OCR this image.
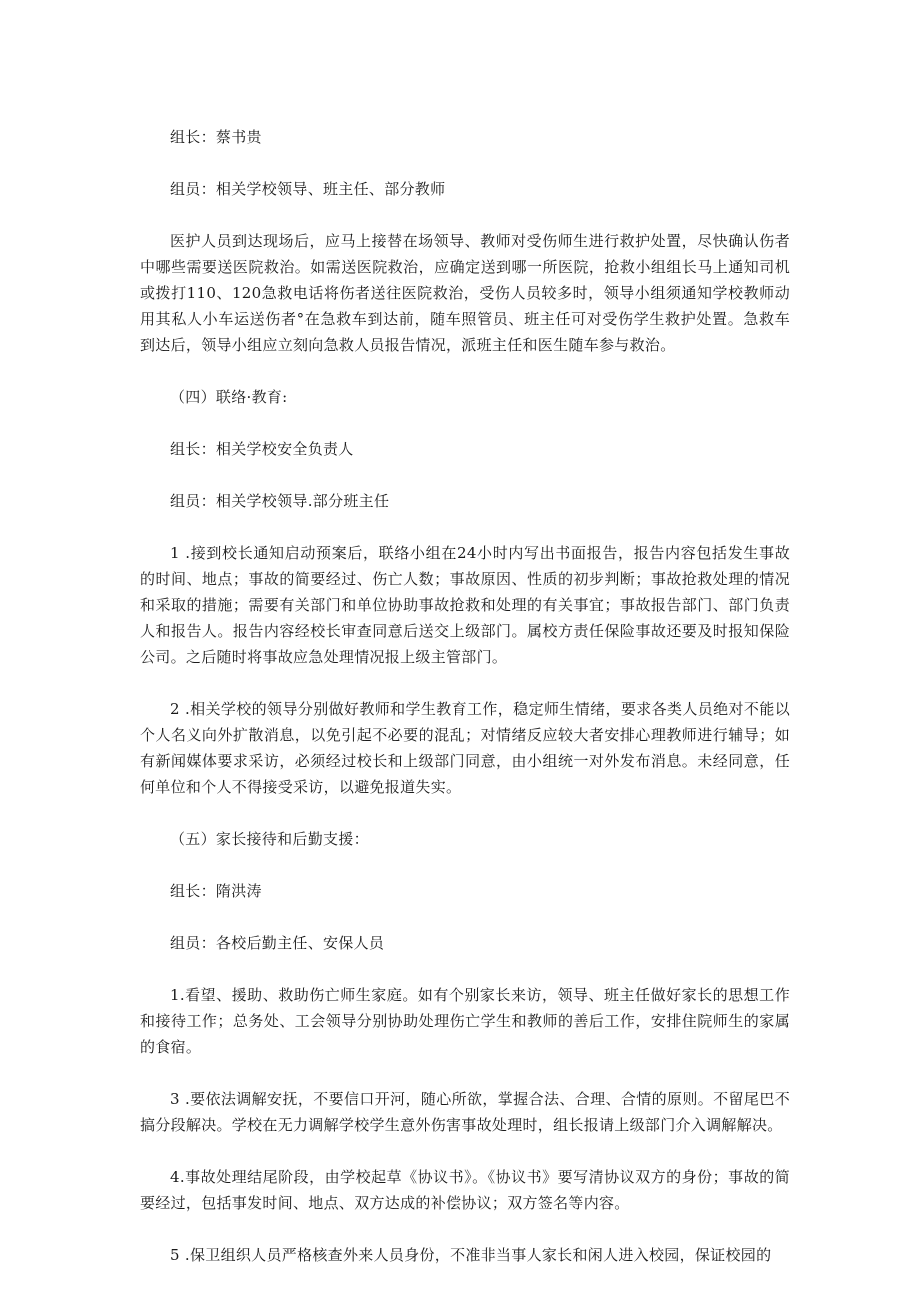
组长：蔡书贵

组员：相关学校领导、班主任、部分教师

医护人员到达现场后，应马上接替在场领导、教师对受伤师生进行救护处置，尽快确认伤者中哪些需要送医院救治。如需送医院救治，应确定送到哪一所医院，抢救小组组长马上通知司机或拨打110、120急救电话将伤者送往医院救治，受伤人员较多时，领导小组须通知学校教师动用其私人小车运送伤者°在急救车到达前，随车照管员、班主任可对受伤学生救护处置。急救车到达后，领导小组应立刻向急救人员报告情况，派班主任和医生随车参与救治。

（四）联络·教育:

组长：相关学校安全负责人

组员：相关学校领导.部分班主任

1 .接到校长通知启动预案后，联络小组在24小时内写出书面报告，报告内容包括发生事故的时间、地点；事故的简要经过、伤亡人数；事故原因、性质的初步判断；事故抢救处理的情况和采取的措施；需要有关部门和单位协助事故抢救和处理的有关事宜；事故报告部门、部门负责人和报告人。报告内容经校长审查同意后送交上级部门。属校方责任保险事故还要及时报知保险公司。之后随时将事故应急处理情况报上级主管部门。

2 .相关学校的领导分别做好教师和学生教育工作，稳定师生情绪，要求各类人员绝对不能以个人名义向外扩散消息，以免引起不必要的混乱；对情绪反应较大者安排心理教师进行辅导；如有新闻媒体要求采访，必须经过校长和上级部门同意，由小组统一对外发布消息。未经同意，任何单位和个人不得接受采访，以避免报道失实。

（五）家长接待和后勤支援：

组长：隋洪涛

组员：各校后勤主任、安保人员

1.看望、援助、救助伤亡师生家庭。如有个别家长来访，领导、班主任做好家长的思想工作和接待工作；总务处、工会领导分别协助处理伤亡学生和教师的善后工作，安排住院师生的家属的食宿。

3 .要依法调解安抚，不要信口开河，随心所欲，掌握合法、合理、合情的原则。不留尾巴不搞分段解决。学校在无力调解学校学生意外伤害事故处理时，组长报请上级部门介入调解解决。

4.事故处理结尾阶段，由学校起草《协议书》。《协议书》要写清协议双方的身份；事故的简要经过，包括事发时间、地点、双方达成的补偿协议；双方签名等内容。

5 .保卫组织人员严格核查外来人员身份，不准非当事人家长和闲人进入校园，保证校园的
